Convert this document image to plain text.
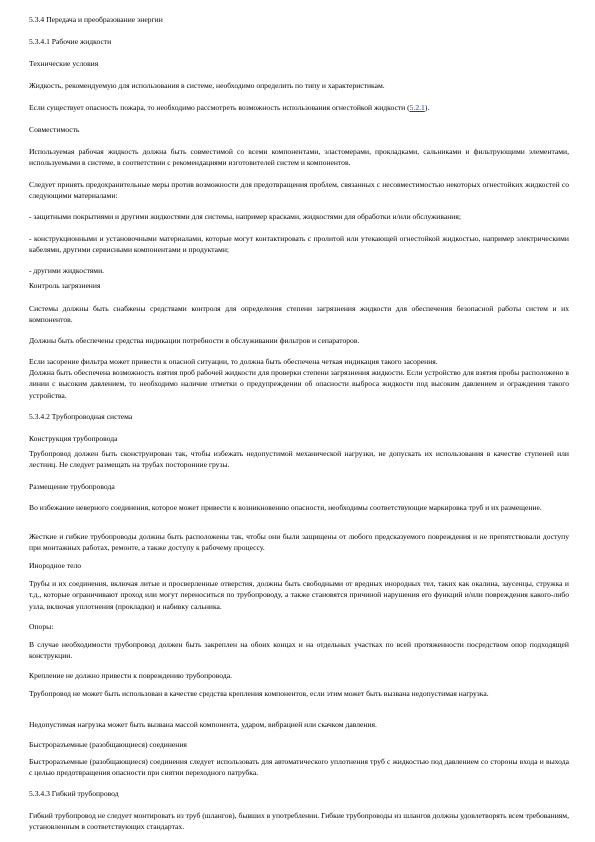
5.3.4 Передача и преобразование энергии
5.3.4.1 Рабочие жидкости
Технические условия
Жидкость, рекомендуемую для использования в системе, необходимо определить по типу и характеристикам.
Если существует опасность пожара, то необходимо рассмотреть возможность использования огнестойкой жидкости (5.2.1).
Совместимость
Используемая рабочая жидкость должна быть совместимой со всеми компонентами, эластомерами, прокладками, сальниками и фильтрующими элементами, используемыми в системе, в соответствии с рекомендациями изготовителей систем и компонентов.
Следует принять предохранительные меры против возможности для предотвращения проблем, связанных с несовместимостью некоторых огнестойких жидкостей со следующими материалами:
- защитными покрытиями и другими жидкостями для системы, например красками, жидкостями для обработки и/или обслуживания;
- конструкционными и установочными материалами, которые могут контактировать с пролитой или утекающей огнестойкой жидкостью, например электрическими кабелями, другими сервисными компонентами и продуктами;
- другими жидкостями.
Контроль загрязнения
Системы должны быть снабжены средствами контроля для определения степени загрязнения жидкости для обеспечения безопасной работы систем и их компонентов.
Должны быть обеспечены средства индикации потребности в обслуживании фильтров и сепараторов.
Если засорение фильтра может привести к опасной ситуации, то должна быть обеспечена четкая индикация такого засорения.
Должна быть обеспечена возможность взятия проб рабочей жидкости для проверки степени загрязнения жидкости. Если устройство для взятия пробы расположено в линии с высоким давлением, то необходимо наличие отметки о предупреждении об опасности выброса жидкости под высоким давлением и ограждения такого устройства.
5.3.4.2 Трубопроводная система
Конструкция трубопровода
Трубопровод должен быть сконструирован так, чтобы избежать недопустимой механической нагрузки, не допускать их использования в качестве ступеней или лестниц. Не следует размещать на трубах посторонние грузы.
Размещение трубопровода
Во избежание неверного соединения, которое может привести к возникновению опасности, необходимы соответствующие маркировка труб и их размещение.
Жесткие и гибкие трубопроводы должны быть расположены так, чтобы они были защищены от любого предсказуемого повреждения и не препятствовали доступу при монтажных работах, ремонте, а также доступу к рабочему процессу.
Инородное тело
Трубы и их соединения, включая литые и просверленные отверстия, должны быть свободными от вредных инородных тел, таких как окалина, заусенцы, стружка и т.д., которые ограничивают проход или могут переноситься по трубопроводу, а также становятся причиной нарушения его функций и/или повреждения какого-либо узла, включая уплотнения (прокладки) и набивку сальника.
Опоры:
В случае необходимости трубопровод должен быть закреплен на обоих концах и на отдельных участках по всей протяженности посредством опор подходящей конструкции.
Крепление не должно привести к повреждению трубопровода.
Трубопровод не может быть использован в качестве средства крепления компонентов, если этим может быть вызвана недопустимая нагрузка.
Недопустимая нагрузка может быть вызвана массой компонента, ударом, вибрацией или скачком давления.
Быстроразъемные (разобщающиеся) соединения
Быстроразъемные (разобщающиеся) соединения следует использовать для автоматического уплотнения труб с жидкостью под давлением со стороны входа и выхода с целью предотвращения опасности при снятии переходного патрубка.
5.3.4.3 Гибкий трубопровод
Гибкий трубопровод не следует монтировать из труб (шлангов), бывших в употреблении. Гибкие трубопроводы из шлангов должны удовлетворять всем требованиям, установленным в соответствующих стандартах.
